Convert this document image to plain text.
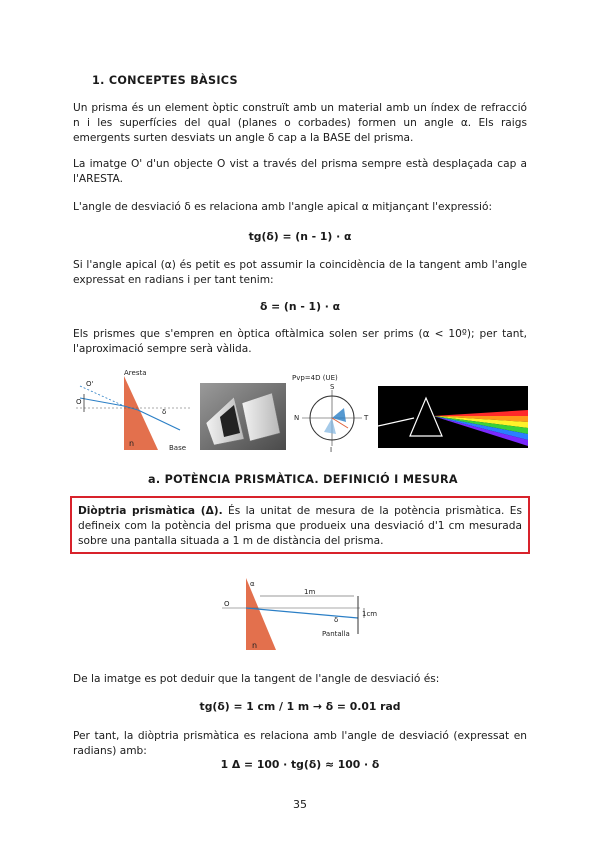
1. CONCEPTES BÀSICS
Un prisma és un element òptic construït amb un material amb un índex de refracció n i les superfícies del qual (planes o corbades) formen un angle α. Els raigs emergents surten desviats un angle δ cap a la BASE del prisma.
La imatge O' d'un objecte O vist a través del prisma sempre està desplaçada cap a l'ARESTA.
L'angle de desviació δ es relaciona amb l'angle apical α mitjançant l'expressió:
tg(δ) = (n - 1) · α
Si l'angle apical (α) és petit es pot assumir la coincidència de la tangent amb l'angle expressat en radians i per tant tenim:
δ = (n - 1) · α
Els prismes que s'empren en òptica oftàlmica solen ser prims (α < 10º); per tant, l'aproximació sempre serà vàlida.
Aresta
O'
O
δ
n	Base
Pvp=4D (UE)
S
N	T
I
a. POTÈNCIA PRISMÀTICA. DEFINICIÓ I MESURA
Diòptria prismàtica (Δ). És la unitat de mesura de la potència prismàtica. Es defineix com la potència del prisma que produeix una desviació d'1 cm mesurada sobre una pantalla situada a 1 m de distància del prisma.
O
α
1m
1cm
δ
Pantalla
n
De la imatge es pot deduir que la tangent de l'angle de desviació és:
tg(δ) = 1 cm / 1 m → δ = 0.01 rad
Per tant, la diòptria prismàtica es relaciona amb l'angle de desviació (expressat en radians) amb:
1 Δ = 100 · tg(δ) ≈ 100 · δ
35
